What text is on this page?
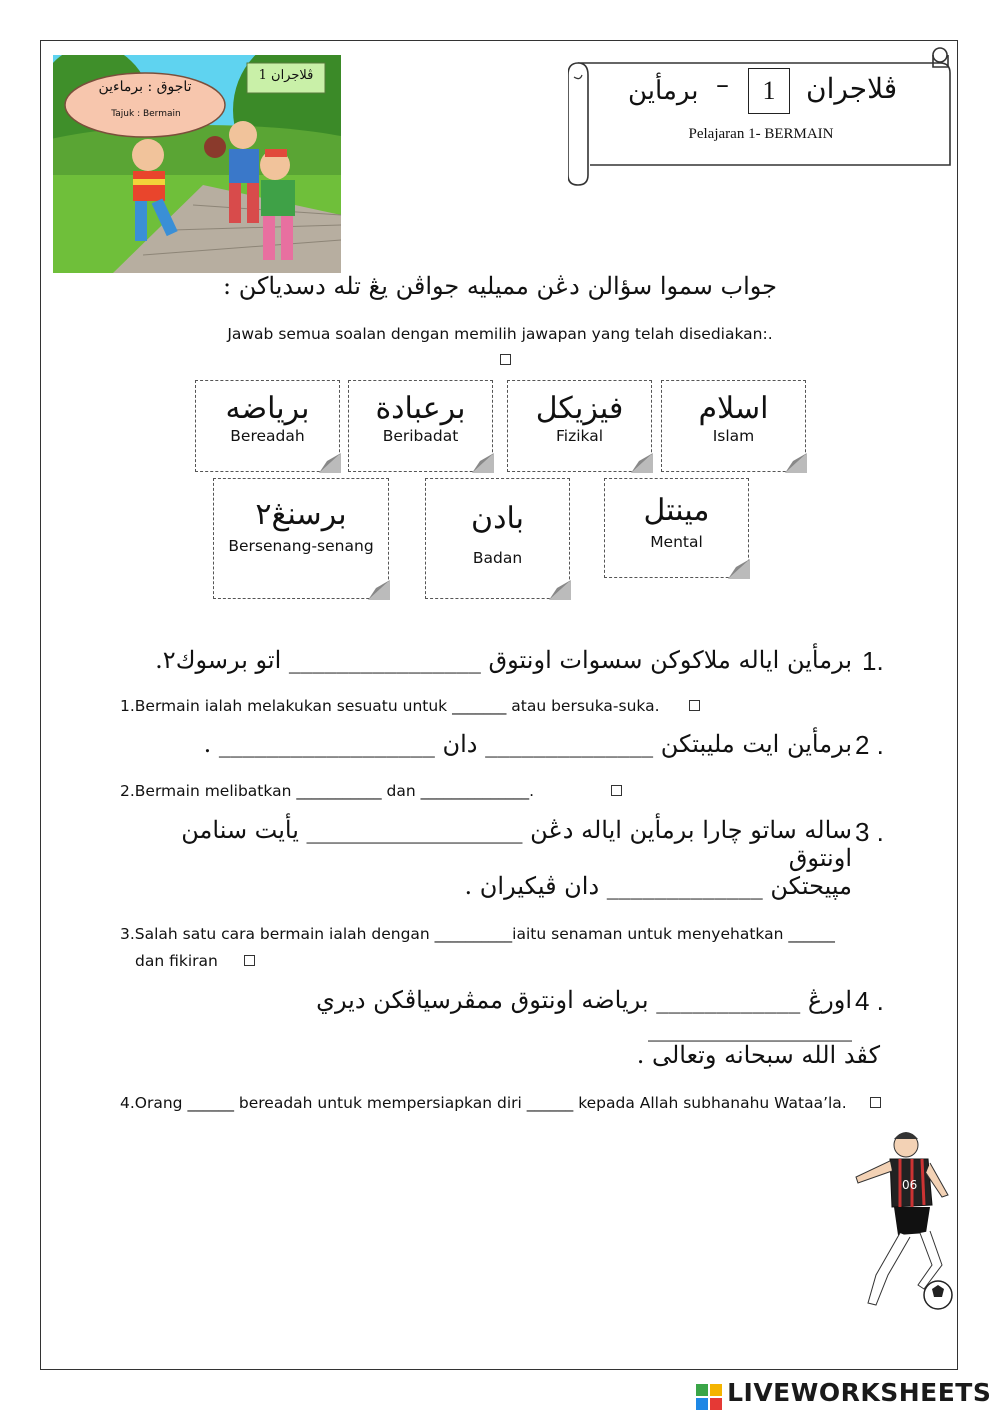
تاجوق : برماءين
Tajuk : Bermain
ڤلاجران 1	ڤلاجران
1
–
برمأين
Pelajaran 1- BERMAIN
جواب سموا سؤالن دڠن مميليه جواڤن يڠ تله دسدياكن :
Jawab semua soalan dengan memilih jawapan yang telah disediakan:.
برياضه
Bereadah
برعبادة
Beribadat
فيزيكل
Fizikal
اسلام
Islam
برسنڠ٢
Bersenang-senang
بادن
Badan
مينتل
Mental
1.
برمأين اياله ملاكوكن سسوات اونتوق ________________ اتو برسوك٢.
1.Bermain ialah melakukan sesuatu untuk _______ atau bersuka-suka.
2 .
برمأين ايت مليبتكن ______________ دان __________________ .
2.Bermain melibatkan ___________ dan ______________.
3 .
ساله ساتو چارا برمأين اياله دڠن __________________ يأيت سنامن اونتوق
مپيحتكن _____________ دان ڤيكيران .
3.Salah satu cara bermain ialah dengan __________iaitu senaman untuk menyehatkan ______
dan fikiran
4 .
اورڠ ____________ برياضه اونتوق ممڤرسياڤكن ديري _________________
كڤد الله سبحانه وتعالى .
4.Orang ______ bereadah untuk mempersiapkan diri ______ kepada Allah subhanahu Wataa’la.
06
LIVEWORKSHEETS
